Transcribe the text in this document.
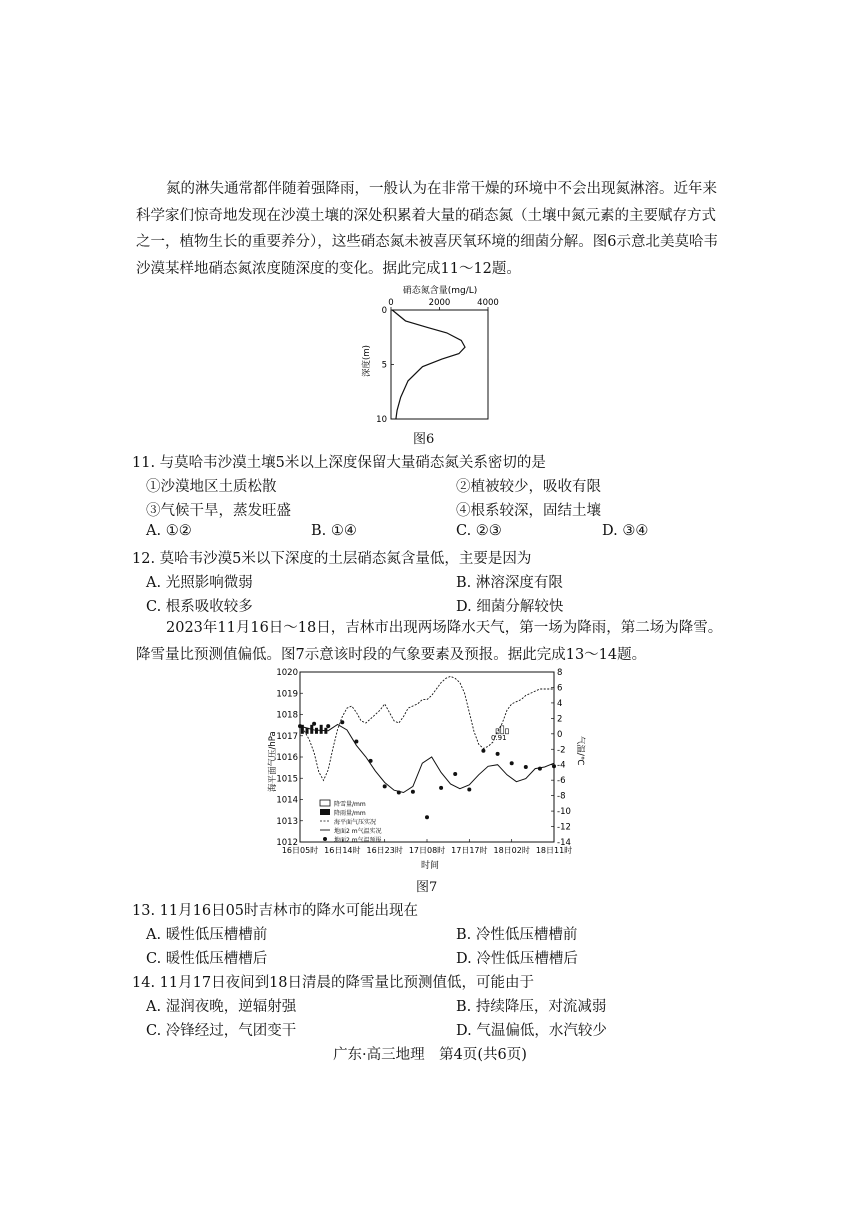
氮的淋失通常都伴随着强降雨，一般认为在非常干燥的环境中不会出现氮淋溶。近年来科学家们惊奇地发现在沙漠土壤的深处积累着大量的硝态氮（土壤中氮元素的主要赋存方式之一，植物生长的重要养分），这些硝态氮未被喜厌氧环境的细菌分解。图6示意北美莫哈韦沙漠某样地硝态氮浓度随深度的变化。据此完成11～12题。

硝态氮含量(mg/L)
0	2000	4000
0
5
10
深度(m)
图6
11. 与莫哈韦沙漠土壤5米以上深度保留大量硝态氮关系密切的是
①沙漠地区土质松散	②植被较少，吸收有限
③气候干旱，蒸发旺盛	④根系较深，固结土壤
A. ①②	B. ①④	C. ②③	D. ③④
12. 莫哈韦沙漠5米以下深度的土层硝态氮含量低，主要是因为
A. 光照影响微弱	B. 淋溶深度有限
C. 根系吸收较多	D. 细菌分解较快

2023年11月16日～18日，吉林市出现两场降水天气，第一场为降雨，第二场为降雪。降雪量比预测值偏低。图7示意该时段的气象要素及预报。据此完成13～14题。

1020
1019
1018
1017
1016
1015
1014
1013
1012
8
6
4
2
0
-2
-4
-6
-8
-10
-12
-14
16日05时 16日14时 16日23时 17日08时 17日17时 18日02时 18日11时
海平面气压/hPa	气温/℃
时间
0.91
降雪量/mm
降雨量/mm
海平面气压实况
地面2 m气温实况
地面2 m气温预报
图7
13. 11月16日05时吉林市的降水可能出现在
A. 暖性低压槽槽前	B. 冷性低压槽槽前
C. 暖性低压槽槽后	D. 冷性低压槽槽后
14. 11月17日夜间到18日清晨的降雪量比预测值低，可能由于
A. 湿润夜晚，逆辐射强	B. 持续降压，对流减弱
C. 冷锋经过，气团变干	D. 气温偏低，水汽较少
广东·高三地理　第4页(共6页)
